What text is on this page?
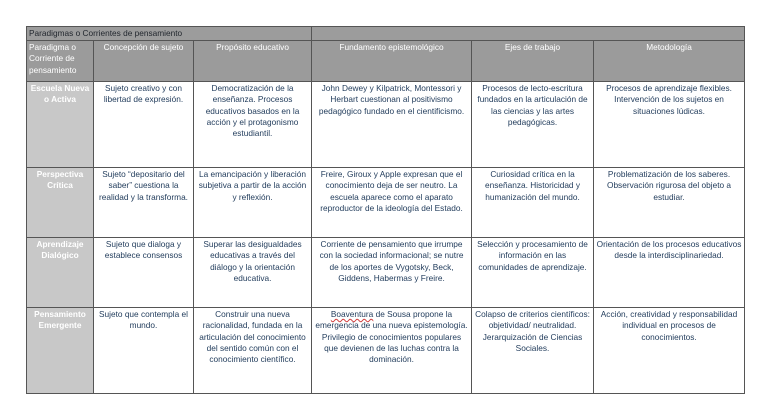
Paradigmas o Corrientes de pensamiento					
Paradigma o Corriente de pensamiento	Concepción de sujeto	Propósito educativo	Fundamento epistemológico	Ejes de trabajo	Metodología
Escuela Nueva o Activa	Sujeto creativo y con libertad de expresión.	Democratización de la enseñanza. Procesos educativos basados en la acción y el protagonismo estudiantil.	John Dewey y Kilpatrick, Montessori y Herbart cuestionan al positivismo pedagógico fundado en el cientificismo.	Procesos de lecto-escritura fundados en la articulación de las ciencias y las artes pedagógicas.	Procesos de aprendizaje flexibles. Intervención de los sujetos en situaciones lúdicas.
Perspectiva Crítica	Sujeto “depositario del saber” cuestiona la realidad y la transforma.	La emancipación y liberación subjetiva a partir de la acción y reflexión.	Freire, Giroux y Apple expresan que el conocimiento deja de ser neutro. La escuela aparece como el aparato reproductor de la ideología del Estado.	Curiosidad crítica en la enseñanza. Historicidad y humanización del mundo.	Problematización de los saberes. Observación rigurosa del objeto a estudiar.
Aprendizaje Dialógico	Sujeto que dialoga y establece consensos	Superar las desigualdades educativas a través del diálogo y la orientación educativa.	Corriente de pensamiento que irrumpe con la sociedad informacional; se nutre de los aportes de Vygotsky, Beck, Giddens, Habermas y Freire.	Selección y procesamiento de información en las comunidades de aprendizaje.	Orientación de los procesos educativos desde la interdisciplinariedad.
Pensamiento Emergente	Sujeto que contempla el mundo.	Construir una nueva racionalidad, fundada en la articulación del conocimiento del sentido común con el conocimiento científico.	Boaventura de Sousa propone la emergencia de una nueva epistemología. Privilegio de conocimientos populares que devienen de las luchas contra la dominación.	Colapso de criterios científicos: objetividad/ neutralidad. Jerarquización de Ciencias Sociales.	Acción, creatividad y responsabilidad individual en procesos de conocimientos.
